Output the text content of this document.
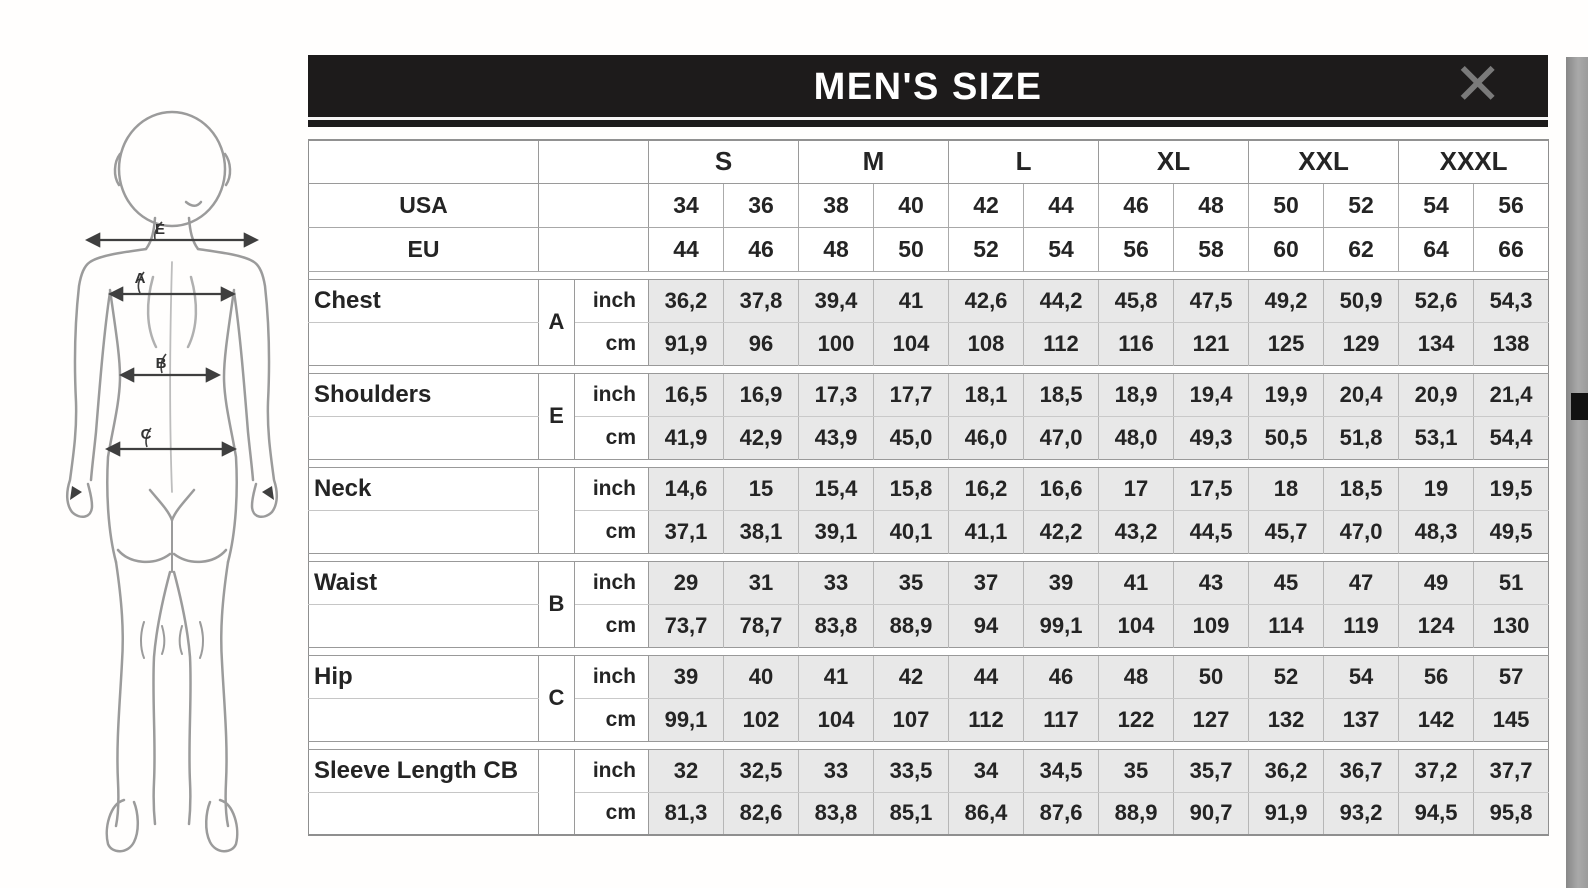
E
A
B
C
MEN'S SIZE	✕
			S		M		L		XL		XXL		XXXL	
USA			34	36	38	40	42	44	46	48	50	52	54	56
EU			44	46	48	50	52	54	56	58	60	62	64	66

Chest	A	inch	36,2	37,8	39,4	41	42,6	44,2	45,8	47,5	49,2	50,9	52,6	54,3
		cm	91,9	96	100	104	108	112	116	121	125	129	134	138

Shoulders	E	inch	16,5	16,9	17,3	17,7	18,1	18,5	18,9	19,4	19,9	20,4	20,9	21,4
		cm	41,9	42,9	43,9	45,0	46,0	47,0	48,0	49,3	50,5	51,8	53,1	54,4

Neck		inch	14,6	15	15,4	15,8	16,2	16,6	17	17,5	18	18,5	19	19,5
		cm	37,1	38,1	39,1	40,1	41,1	42,2	43,2	44,5	45,7	47,0	48,3	49,5

Waist	B	inch	29	31	33	35	37	39	41	43	45	47	49	51
		cm	73,7	78,7	83,8	88,9	94	99,1	104	109	114	119	124	130

Hip	C	inch	39	40	41	42	44	46	48	50	52	54	56	57
		cm	99,1	102	104	107	112	117	122	127	132	137	142	145

Sleeve Length CB		inch	32	32,5	33	33,5	34	34,5	35	35,7	36,2	36,7	37,2	37,7
		cm	81,3	82,6	83,8	85,1	86,4	87,6	88,9	90,7	91,9	93,2	94,5	95,8
